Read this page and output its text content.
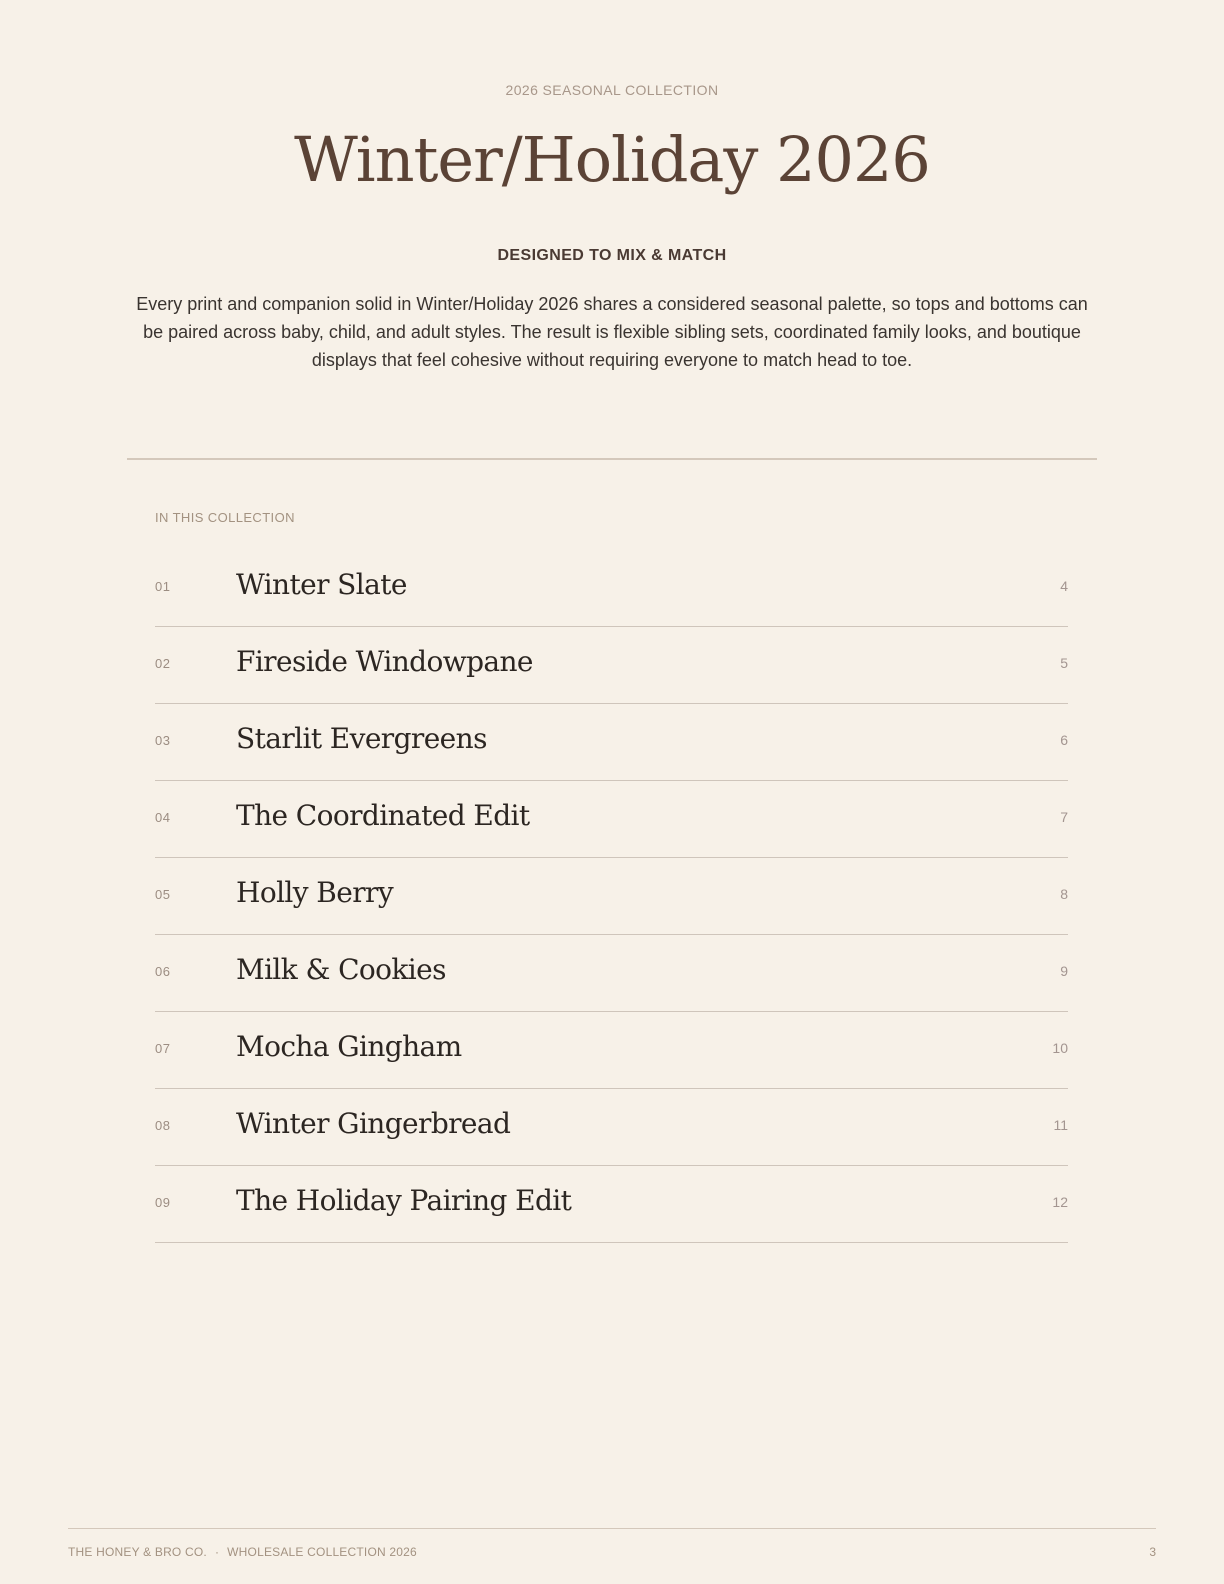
2026 SEASONAL COLLECTION
Winter/Holiday 2026
DESIGNED TO MIX & MATCH

Every print and companion solid in Winter/Holiday 2026 shares a considered seasonal palette, so tops and bottoms can be paired across baby, child, and adult styles. The result is flexible sibling sets, coordinated family looks, and boutique displays that feel cohesive without requiring everyone to match head to toe.

IN THIS COLLECTION
01 Winter Slate	4
02 Fireside Windowpane	5
03 Starlit Evergreens	6
04 The Coordinated Edit	7
05 Holly Berry	8
06 Milk & Cookies	9
07 Mocha Gingham	10
08 Winter Gingerbread	11
09 The Holiday Pairing Edit	12
THE HONEY & BRO CO. · WHOLESALE COLLECTION 2026	3
